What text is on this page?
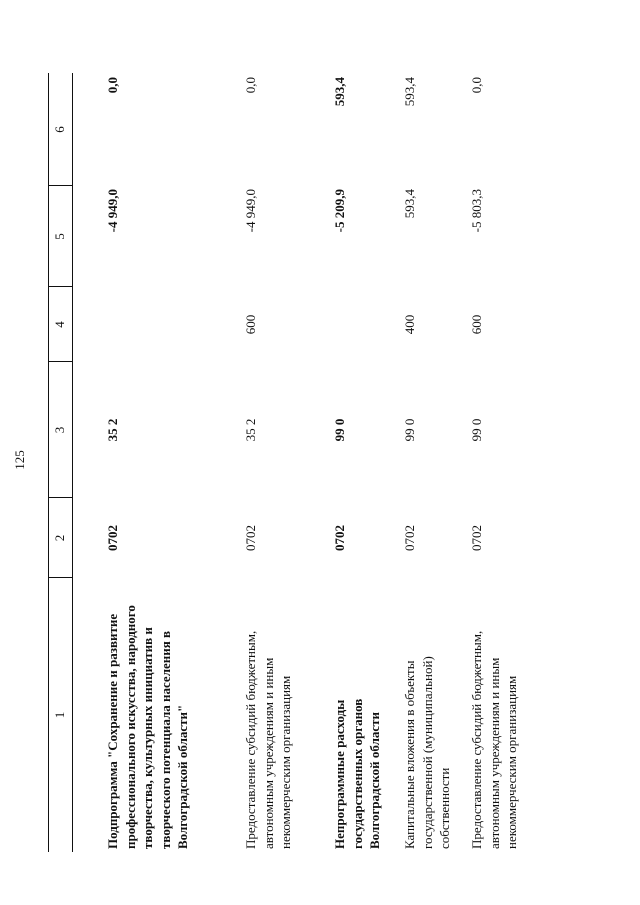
125
1
2
3
4
5
6
Подпрограмма "Сохранение и развитие профессионального искусства, народного творчества, культурных инициатив и творческого потенциала населения в Волгоградской области"
0702
35 2
-4 949,0
0,0
Предоставление субсидий бюджетным, автономным учреждениям и иным некоммерческим организациям
0702
35 2
600
-4 949,0
0,0
Непрограммные расходы государственных органов Волгоградской области
0702
99 0
-5 209,9
593,4
Капитальные вложения в объекты государственной (муниципальной) собственности
0702
99 0
400
593,4
593,4
Предоставление субсидий бюджетным, автономным учреждениям и иным некоммерческим организациям
0702
99 0
600
-5 803,3
0,0
